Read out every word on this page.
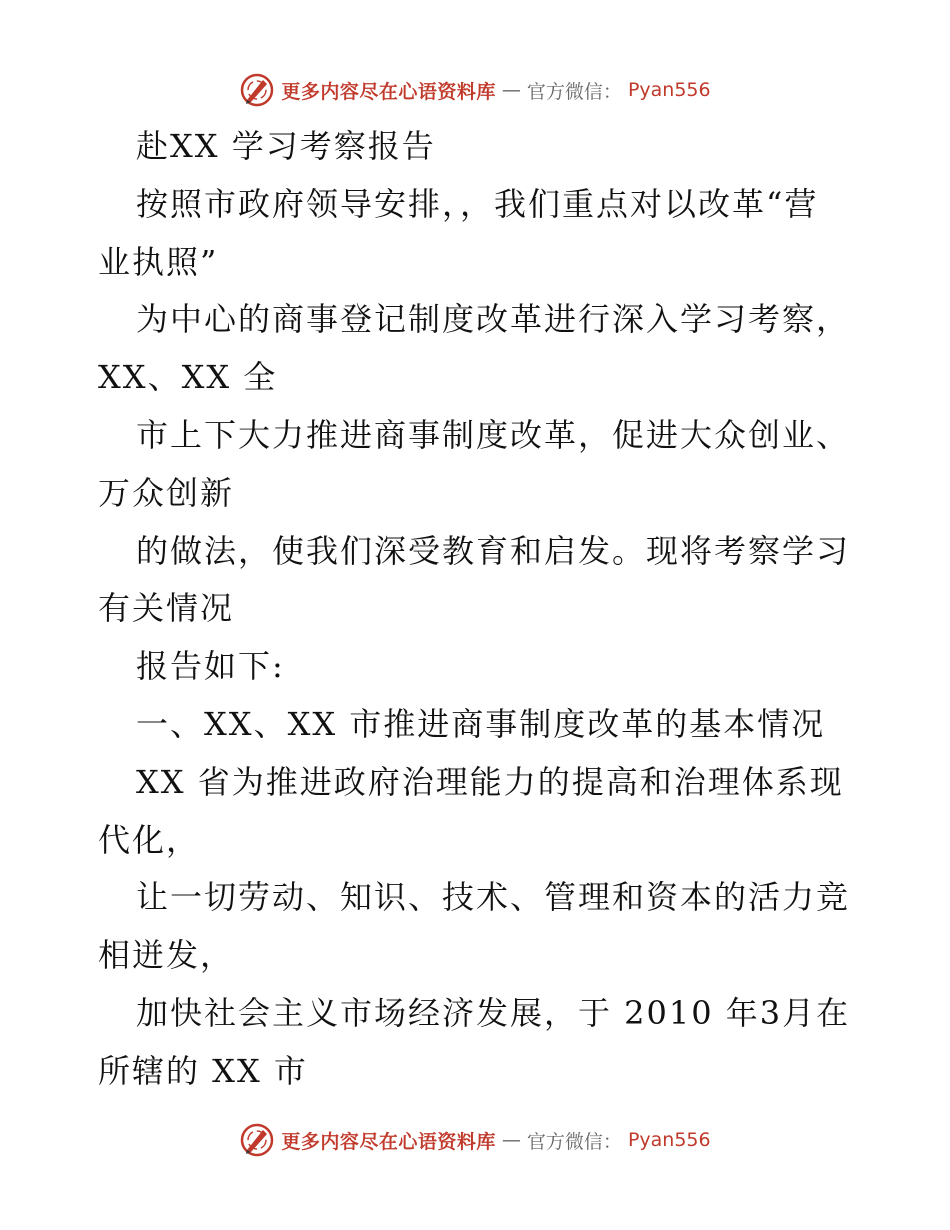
更多内容尽在心语资料库 — 官方微信： Pyan556
赴XX 学习考察报告
按照市政府领导安排，，我们重点对以改革“营
业执照”
为中心的商事登记制度改革进行深入学习考察，
XX、XX 全
市上下大力推进商事制度改革，促进大众创业、
万众创新
的做法，使我们深受教育和启发。现将考察学习
有关情况
报告如下:
一、XX、XX 市推进商事制度改革的基本情况
XX 省为推进政府治理能力的提高和治理体系现
代化，
让一切劳动、知识、技术、管理和资本的活力竞
相迸发，
加快社会主义市场经济发展，于 2010 年3月在
所辖的 XX 市
更多内容尽在心语资料库 — 官方微信： Pyan556
